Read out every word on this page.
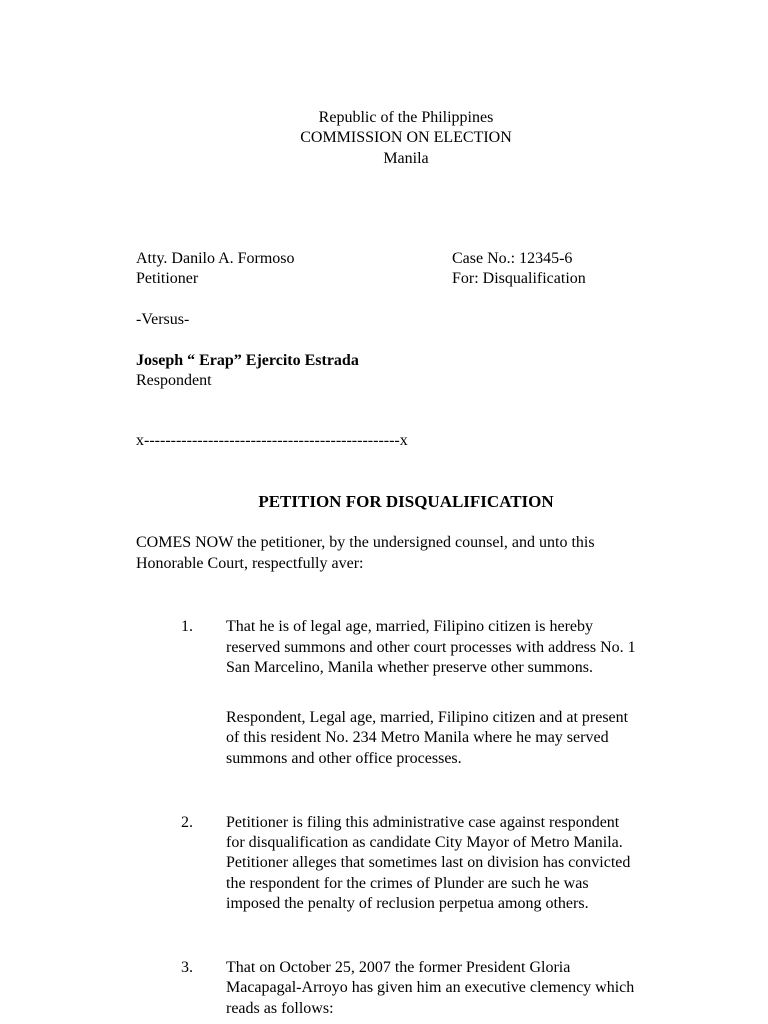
Republic of the Philippines
COMMISSION ON ELECTION
Manila
Atty. Danilo A. Formoso
Petitioner
Case No.: 12345-6
For: Disqualification
-Versus-
Joseph “ Erap” Ejercito Estrada
Respondent
x------------------------------------------------x
PETITION FOR DISQUALIFICATION
COMES NOW the petitioner, by the undersigned counsel, and unto this
Honorable Court, respectfully aver:
1. That he is of legal age, married, Filipino citizen is hereby
reserved summons and other court processes with address No. 1
San Marcelino, Manila whether preserve other summons.
Respondent, Legal age, married, Filipino citizen and at present
of this resident No. 234 Metro Manila where he may served
summons and other office processes.
2. Petitioner is filing this administrative case against respondent
for disqualification as candidate City Mayor of Metro Manila.
Petitioner alleges that sometimes last on division has convicted
the respondent for the crimes of Plunder are such he was
imposed the penalty of reclusion perpetua among others.
3. That on October 25, 2007 the former President Gloria
Macapagal-Arroyo has given him an executive clemency which
reads as follows:
